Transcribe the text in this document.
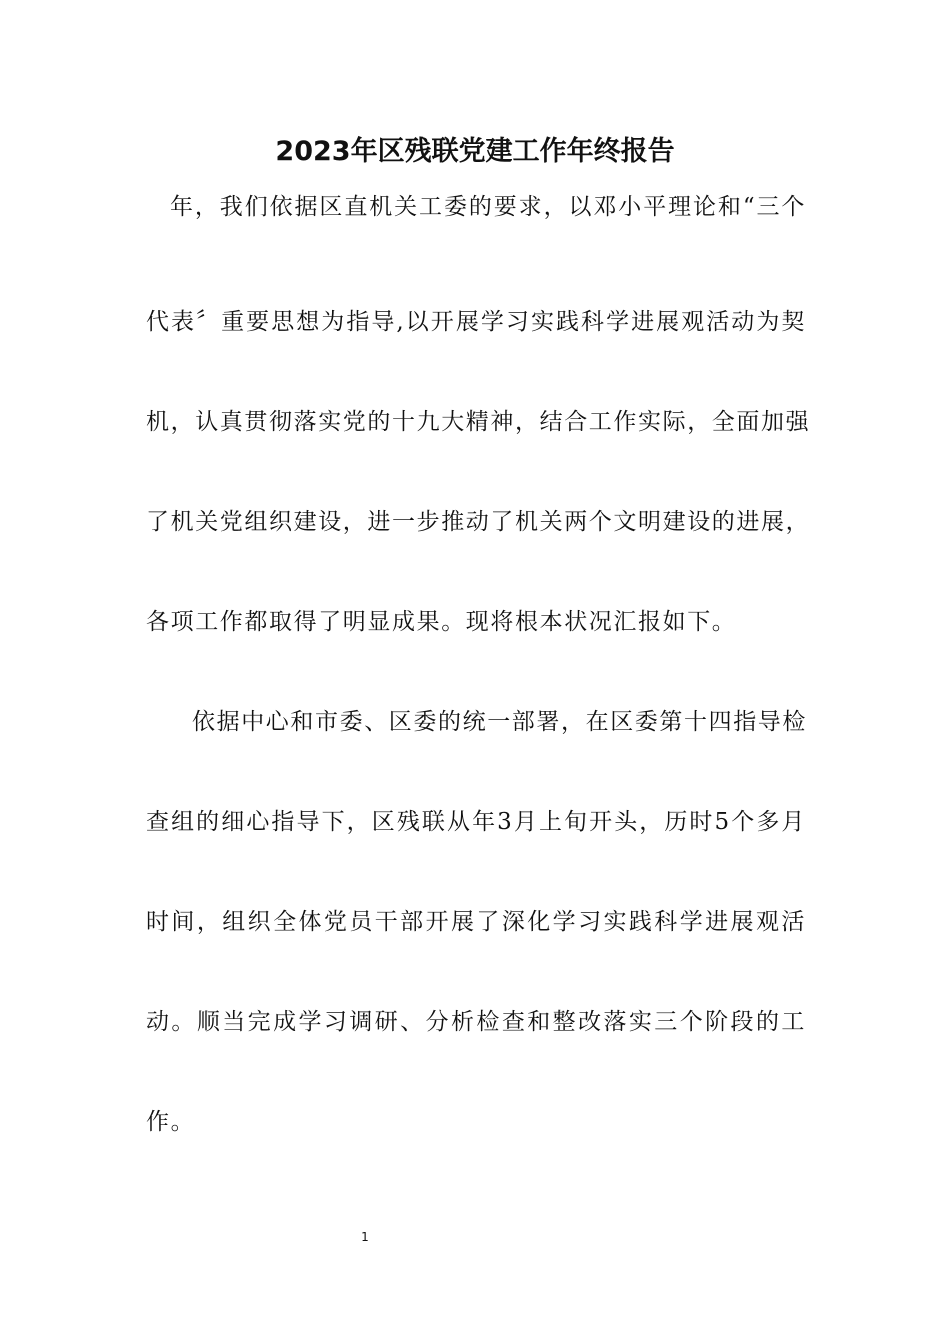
2023年区残联党建工作年终报告
年，我们依据区直机关工委的要求，以邓小平理论和“三个
代表〞重要思想为指导,以开展学习实践科学进展观活动为契
机，认真贯彻落实党的十九大精神，结合工作实际，全面加强
了机关党组织建设，进一步推动了机关两个文明建设的进展，
各项工作都取得了明显成果。现将根本状况汇报如下。
依据中心和市委、区委的统一部署，在区委第十四指导检
查组的细心指导下，区残联从年3月上旬开头，历时5个多月
时间，组织全体党员干部开展了深化学习实践科学进展观活
动。顺当完成学习调研、分析检查和整改落实三个阶段的工
作。
1
